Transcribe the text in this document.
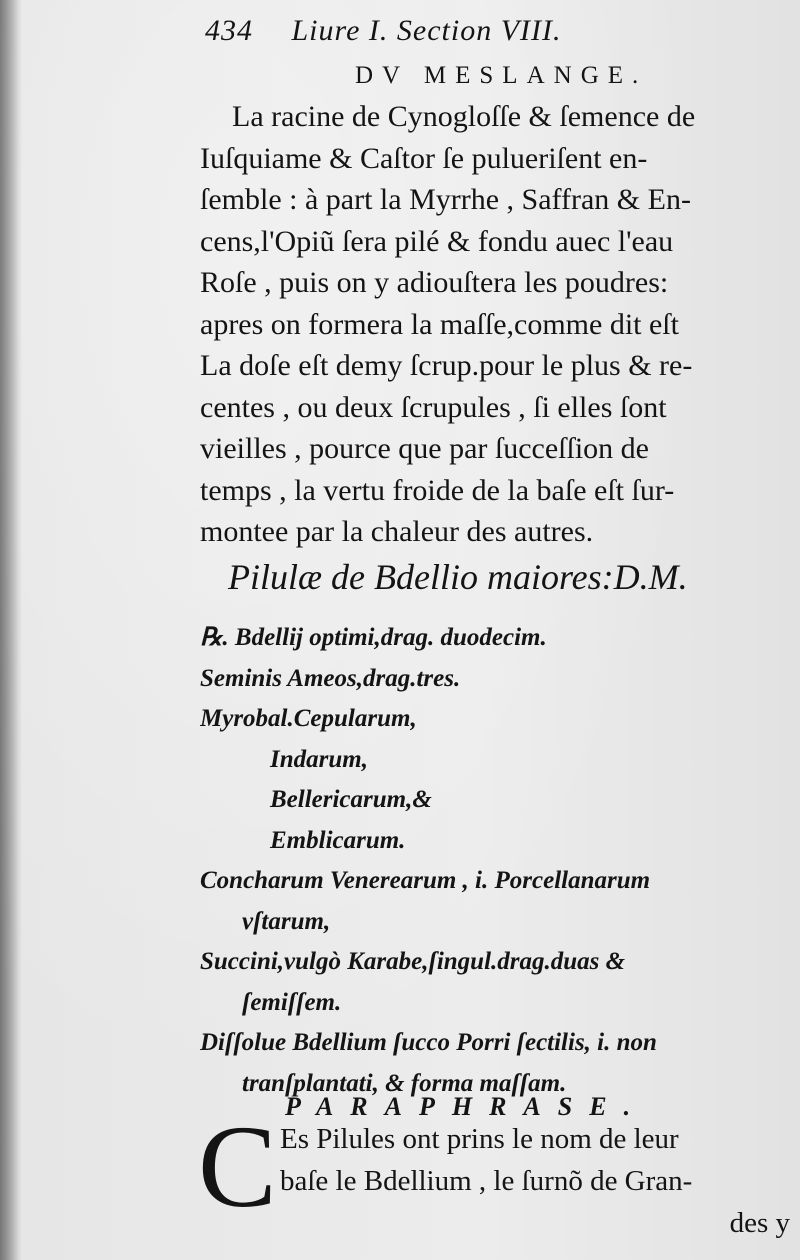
434 Liure I. Section VIII.
DV MESLANGE.
La racine de Cynogloſſe & ſemence de
Iuſquiame & Caſtor ſe pulueriſent en-
ſemble : à part la Myrrhe , Saffran & En-
cens,l'Opiũ ſera pilé & fondu auec l'eau
Roſe , puis on y adiouſtera les poudres:
apres on formera la maſſe,comme dit eſt
La doſe eſt demy ſcrup.pour le plus & re-
centes , ou deux ſcrupules , ſi elles ſont
vieilles , pource que par ſucceſſion de
temps , la vertu froide de la baſe eſt ſur-
montee par la chaleur des autres.
Pilulæ de Bdellio maiores:D.M.
℞. Bdellij optimi,drag. duodecim.
Seminis Ameos,drag.tres.
Myrobal.Cepularum,
Indarum,
Bellericarum,&
Emblicarum.
Concharum Venerearum , i. Porcellanarum
vſtarum,
Succini,vulgò Karabe,ſingul.drag.duas &
ſemiſſem.
Diſſolue Bdellium ſucco Porri ſectilis, i. non
tranſplantati, & forma maſſam.
PARAPHRASE.
C Es Pilules ont prins le nom de leur
baſe le Bdellium , le ſurnõ de Gran-
des y
